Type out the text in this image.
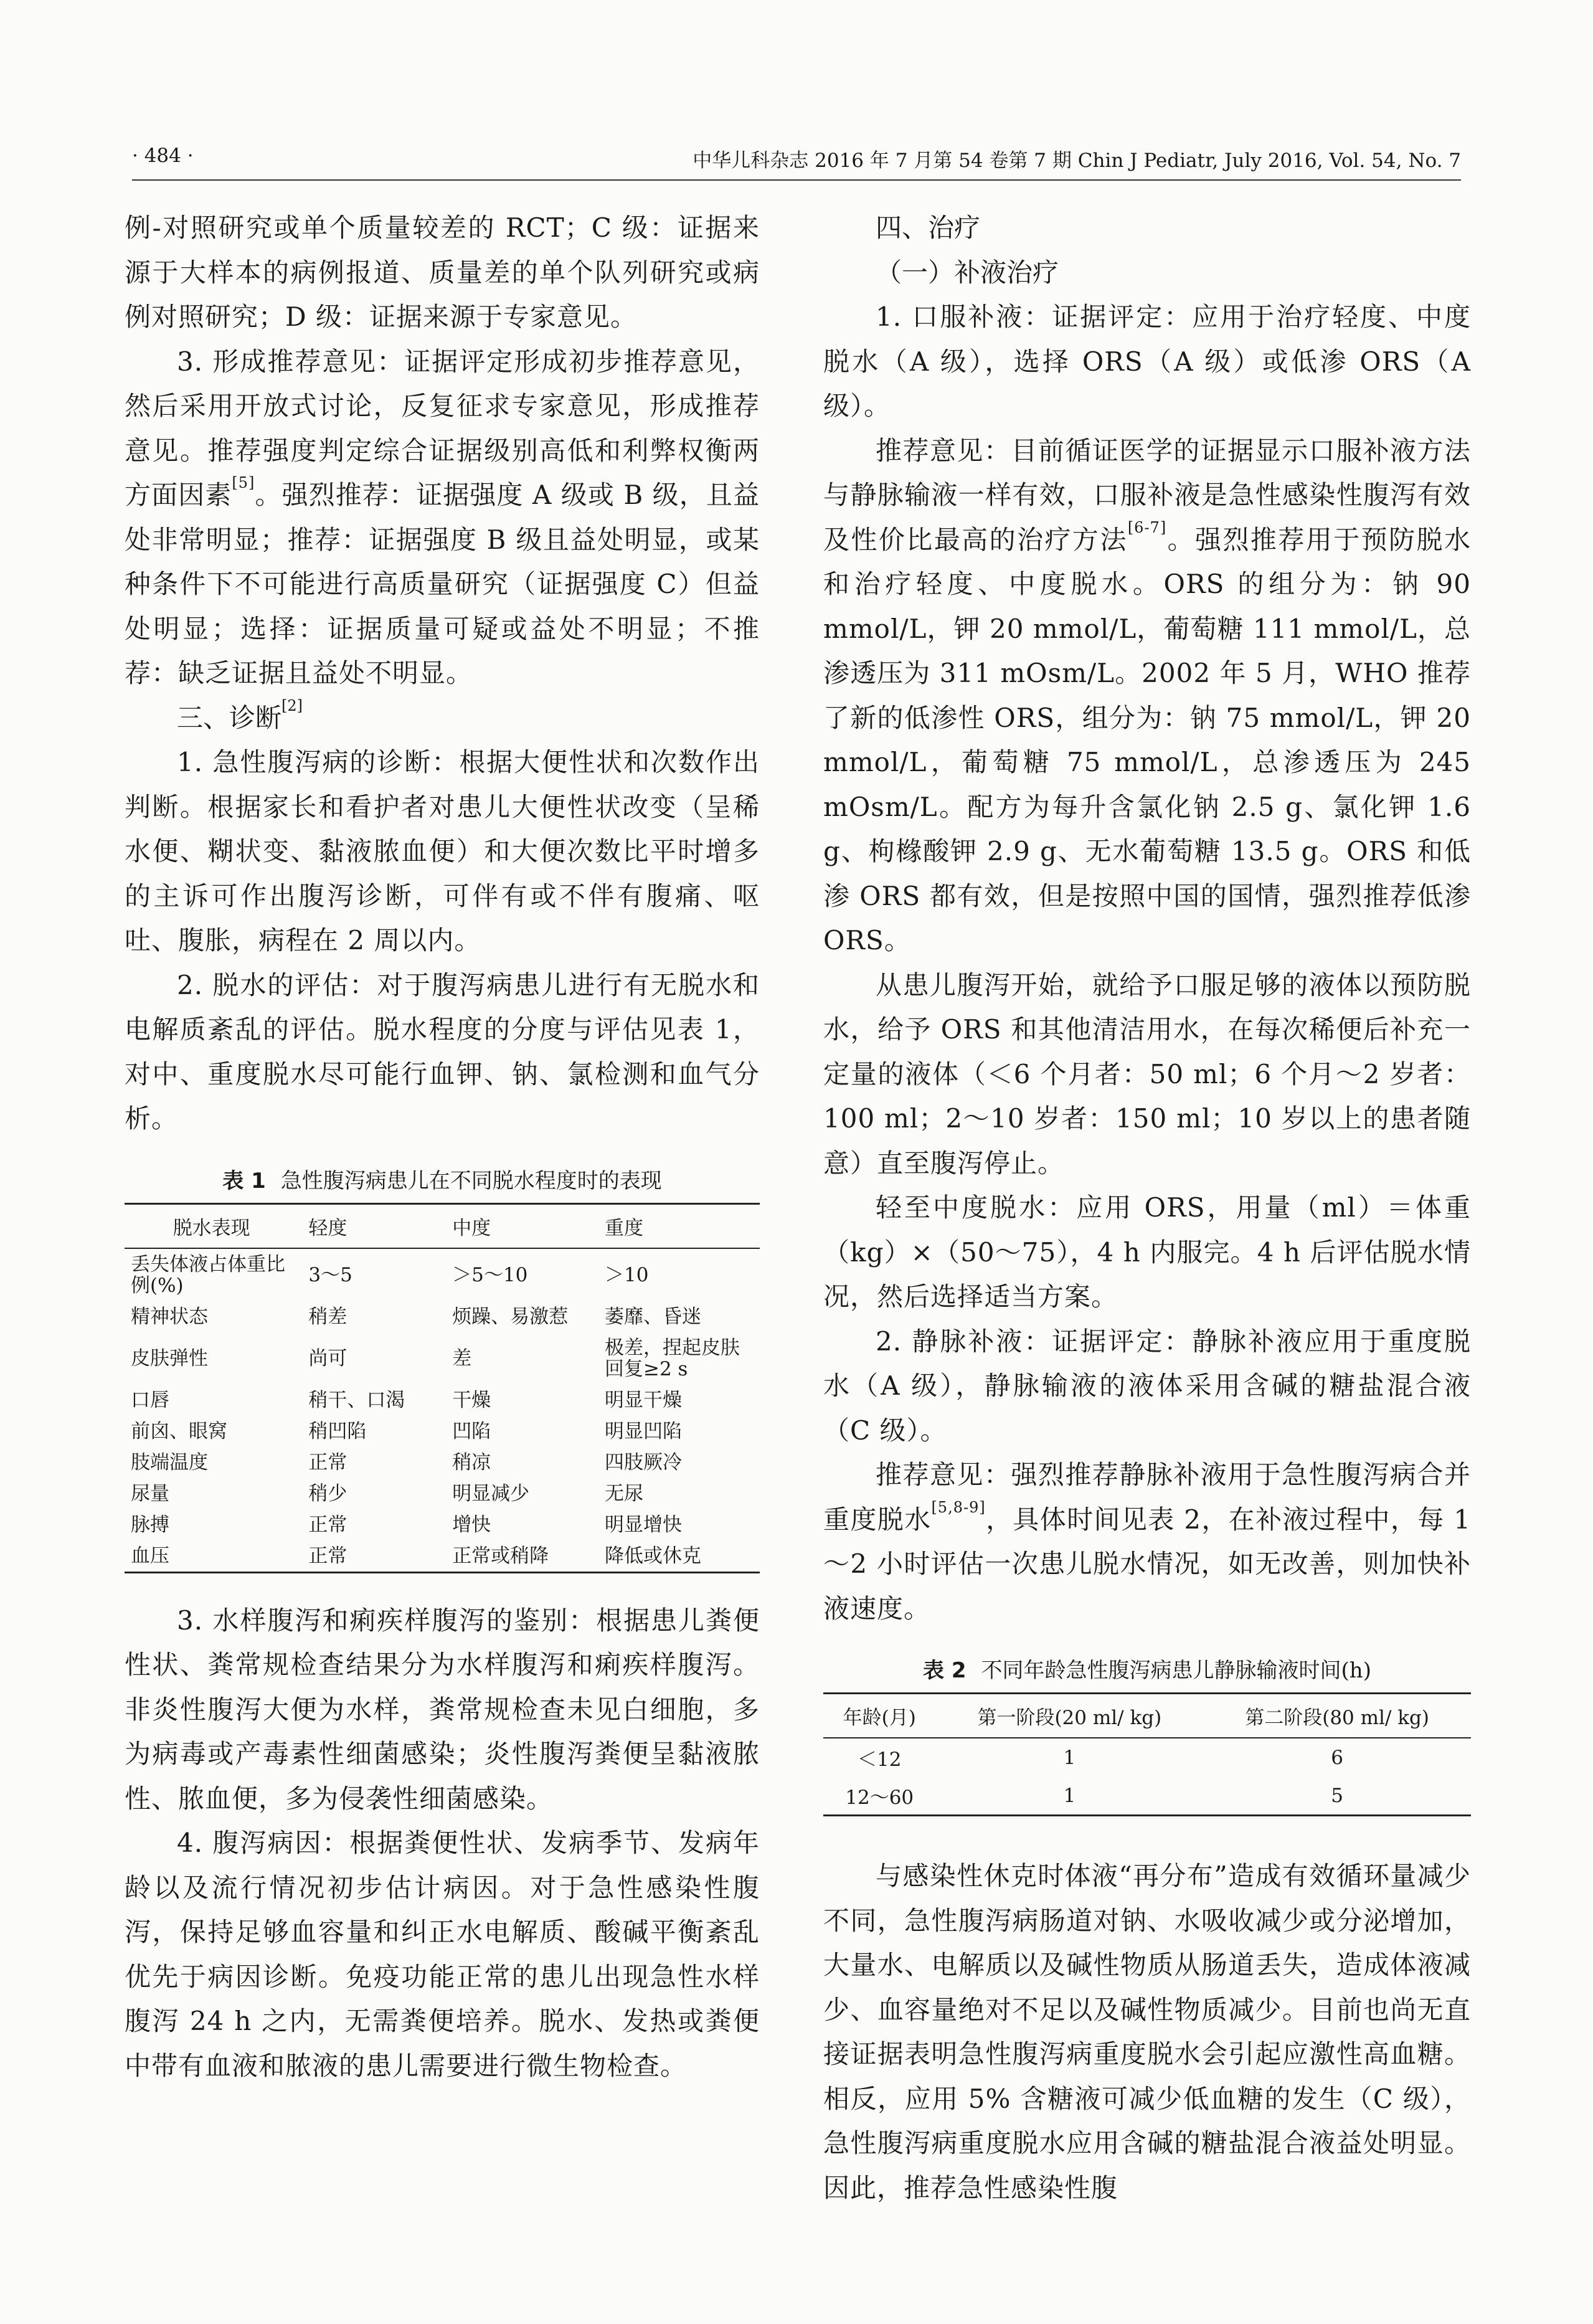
· 484 ·	中华儿科杂志 2016 年 7 月第 54 卷第 7 期 Chin J Pediatr, July 2016, Vol. 54, No. 7

例-对照研究或单个质量较差的 RCT；C 级：证据来源于大样本的病例报道、质量差的单个队列研究或病例对照研究；D 级：证据来源于专家意见。

3. 形成推荐意见：证据评定形成初步推荐意见，然后采用开放式讨论，反复征求专家意见，形成推荐意见。推荐强度判定综合证据级别高低和利弊权衡两方面因素[5]。强烈推荐：证据强度 A 级或 B 级，且益处非常明显；推荐：证据强度 B 级且益处明显，或某种条件下不可能进行高质量研究（证据强度 C）但益处明显；选择：证据质量可疑或益处不明显；不推荐：缺乏证据且益处不明显。

三、诊断[2]

1. 急性腹泻病的诊断：根据大便性状和次数作出判断。根据家长和看护者对患儿大便性状改变（呈稀水便、糊状变、黏液脓血便）和大便次数比平时增多的主诉可作出腹泻诊断，可伴有或不伴有腹痛、呕吐、腹胀，病程在 2 周以内。

2. 脱水的评估：对于腹泻病患儿进行有无脱水和电解质紊乱的评估。脱水程度的分度与评估见表 1，对中、重度脱水尽可能行血钾、钠、氯检测和血气分析。

表 1 急性腹泻病患儿在不同脱水程度时的表现
脱水表现	轻度	中度	重度
丢失体液占体重比例(%)	3～5	＞5～10	＞10
精神状态	稍差	烦躁、易激惹	萎靡、昏迷
皮肤弹性	尚可	差	极差，捏起皮肤回复≥2 s
口唇	稍干、口渴	干燥	明显干燥
前囟、眼窝	稍凹陷	凹陷	明显凹陷
肢端温度	正常	稍凉	四肢厥冷
尿量	稍少	明显减少	无尿
脉搏	正常	增快	明显增快
血压	正常	正常或稍降	降低或休克

3. 水样腹泻和痢疾样腹泻的鉴别：根据患儿粪便性状、粪常规检查结果分为水样腹泻和痢疾样腹泻。非炎性腹泻大便为水样，粪常规检查未见白细胞，多为病毒或产毒素性细菌感染；炎性腹泻粪便呈黏液脓性、脓血便，多为侵袭性细菌感染。

4. 腹泻病因：根据粪便性状、发病季节、发病年龄以及流行情况初步估计病因。对于急性感染性腹泻，保持足够血容量和纠正水电解质、酸碱平衡紊乱优先于病因诊断。免疫功能正常的患儿出现急性水样腹泻 24 h 之内，无需粪便培养。脱水、发热或粪便中带有血液和脓液的患儿需要进行微生物检查。

四、治疗

（一）补液治疗

1. 口服补液：证据评定：应用于治疗轻度、中度脱水（A 级），选择 ORS（A 级）或低渗 ORS（A 级）。

推荐意见：目前循证医学的证据显示口服补液方法与静脉输液一样有效，口服补液是急性感染性腹泻有效及性价比最高的治疗方法[6-7]。强烈推荐用于预防脱水和治疗轻度、中度脱水。ORS 的组分为：钠 90 mmol/L，钾 20 mmol/L，葡萄糖 111 mmol/L，总渗透压为 311 mOsm/L。2002 年 5 月，WHO 推荐了新的低渗性 ORS，组分为：钠 75 mmol/L，钾 20 mmol/L，葡萄糖 75 mmol/L，总渗透压为 245 mOsm/L。配方为每升含氯化钠 2.5 g、氯化钾 1.6 g、枸橼酸钾 2.9 g、无水葡萄糖 13.5 g。ORS 和低渗 ORS 都有效，但是按照中国的国情，强烈推荐低渗 ORS。

从患儿腹泻开始，就给予口服足够的液体以预防脱水，给予 ORS 和其他清洁用水，在每次稀便后补充一定量的液体（＜6 个月者：50 ml；6 个月～2 岁者：100 ml；2～10 岁者：150 ml；10 岁以上的患者随意）直至腹泻停止。

轻至中度脱水：应用 ORS，用量（ml）＝体重（kg）×（50～75），4 h 内服完。4 h 后评估脱水情况，然后选择适当方案。

2. 静脉补液：证据评定：静脉补液应用于重度脱水（A 级），静脉输液的液体采用含碱的糖盐混合液（C 级）。

推荐意见：强烈推荐静脉补液用于急性腹泻病合并重度脱水[5,8-9]，具体时间见表 2，在补液过程中，每 1～2 小时评估一次患儿脱水情况，如无改善，则加快补液速度。

表 2 不同年龄急性腹泻病患儿静脉输液时间(h)
年龄(月)	第一阶段(20 ml/ kg)	第二阶段(80 ml/ kg)
＜12	1	6
12～60	1	5

与感染性休克时体液“再分布”造成有效循环量减少不同，急性腹泻病肠道对钠、水吸收减少或分泌增加，大量水、电解质以及碱性物质从肠道丢失，造成体液减少、血容量绝对不足以及碱性物质减少。目前也尚无直接证据表明急性腹泻病重度脱水会引起应激性高血糖。相反，应用 5% 含糖液可减少低血糖的发生（C 级），急性腹泻病重度脱水应用含碱的糖盐混合液益处明显。因此，推荐急性感染性腹
